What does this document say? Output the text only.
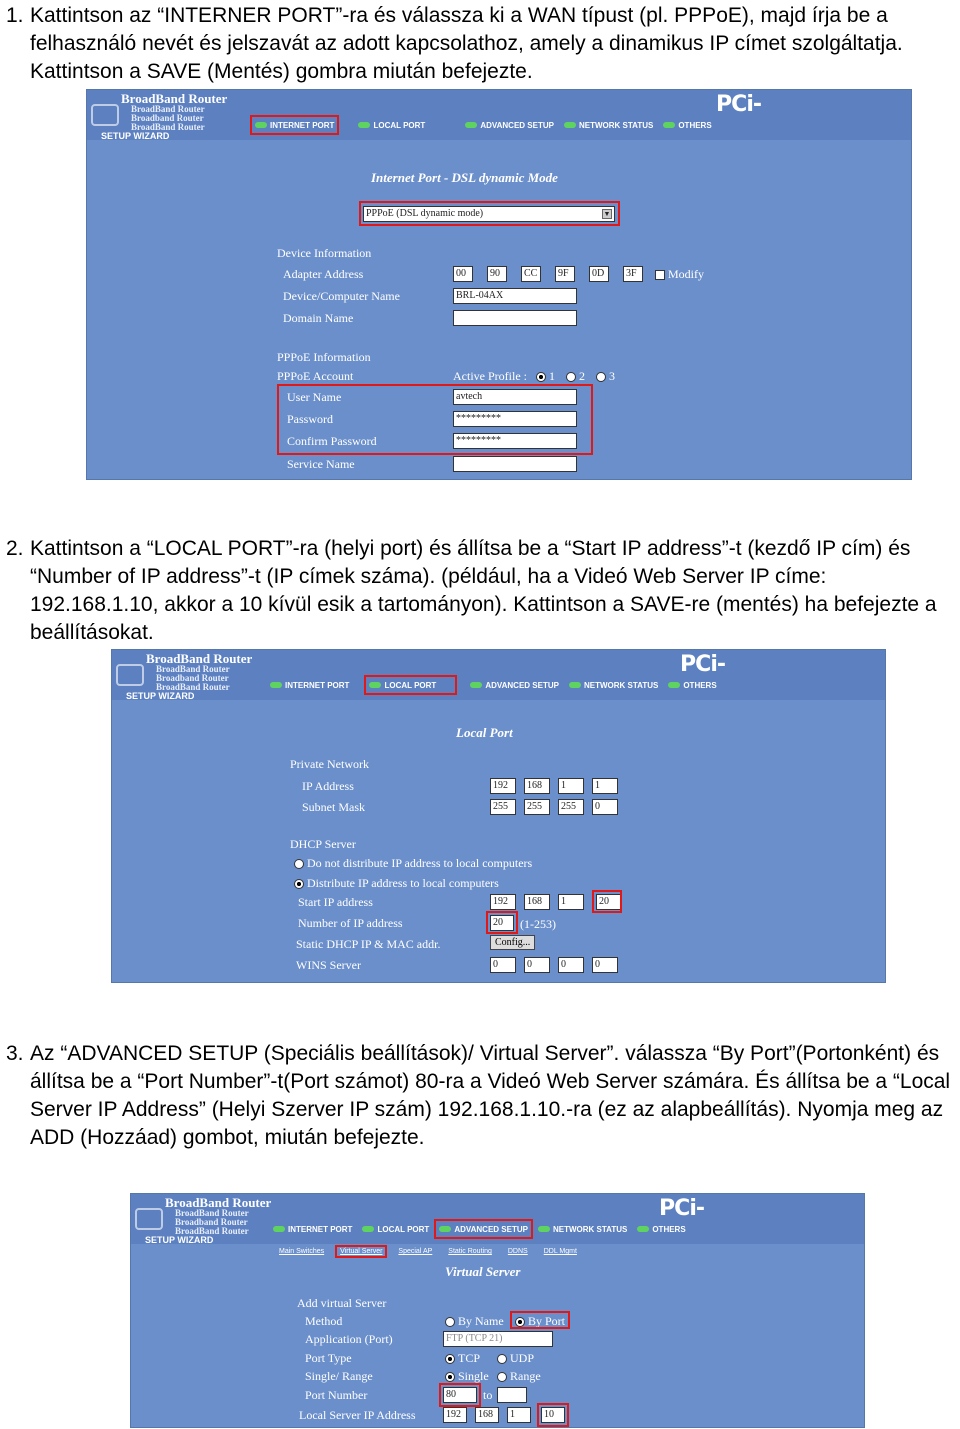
1. Kattintson az “INTERNER PORT”-ra és válassza ki a WAN típust (pl. PPPoE), majd írja be a felhasználó nevét és jelszavát az adott kapcsolathoz, amely a dinamikus IP címet szolgáltatja. Kattintson a SAVE (Mentés) gombra miután befejezte.

BroadBand Router
BroadBand Router
Broadband Router
BroadBand Router
SETUP WIZARD
PCi-
INTERNET PORT	LOCAL PORT	ADVANCED SETUP	NETWORK STATUS	OTHERS
Internet Port - DSL dynamic Mode
PPPoE (DSL dynamic mode)	▼
Device Information
Adapter Address	00	90	CC	9F	0D	3F	Modify
Device/Computer Name	BRL-04AX
Domain Name
PPPoE Information
PPPoE Account	Active Profile : 1 2 3
User Name	avtech
Password	*********
Confirm Password	*********
Service Name
2. Kattintson a “LOCAL PORT”-ra (helyi port) és állítsa be a “Start IP address”-t (kezdő IP cím) és “Number of IP address”-t (IP címek száma). (például, ha a Videó Web Server IP címe: 192.168.1.10, akkor a 10 kívül esik a tartományon). Kattintson a SAVE-re (mentés) ha befejezte a beállításokat.

BroadBand Router
BroadBand Router
Broadband Router
BroadBand Router
SETUP WIZARD
PCi-
INTERNET PORT	LOCAL PORT	ADVANCED SETUP	NETWORK STATUS	OTHERS
Local Port
Private Network
IP Address	192	168	1	1
Subnet Mask	255	255	255	0
DHCP Server
Do not distribute IP address to local computers
Distribute IP address to local computers
Start IP address	192	168	1	20
Number of IP address	20	(1-253)
Static DHCP IP & MAC addr.	Config...
WINS Server	0	0	0	0
3. Az “ADVANCED SETUP (Speciális beállítások)/ Virtual Server”. válassza “By Port”(Portonként) és állítsa be a “Port Number”-t(Port számot) 80-ra a Videó Web Server számára. És állítsa be a “Local Server IP Address” (Helyi Szerver IP szám) 192.168.1.10.-ra (ez az alapbeállítás). Nyomja meg az ADD (Hozzáad) gombot, miután befejezte.

BroadBand Router
BroadBand Router
Broadband Router
BroadBand Router
SETUP WIZARD
PCi-
INTERNET PORT	LOCAL PORT	ADVANCED SETUP	NETWORK STATUS	OTHERS
Main Switches Virtual Server Special AP Static Routing DDNS DDL Mgmt
Virtual Server
Add virtual Server
Method	By Name	By Port
Application (Port)	FTP (TCP 21)
Port Type	TCP	UDP
Single/ Range	Single	Range
Port Number	80	to
Local Server IP Address	192	168	1	10
